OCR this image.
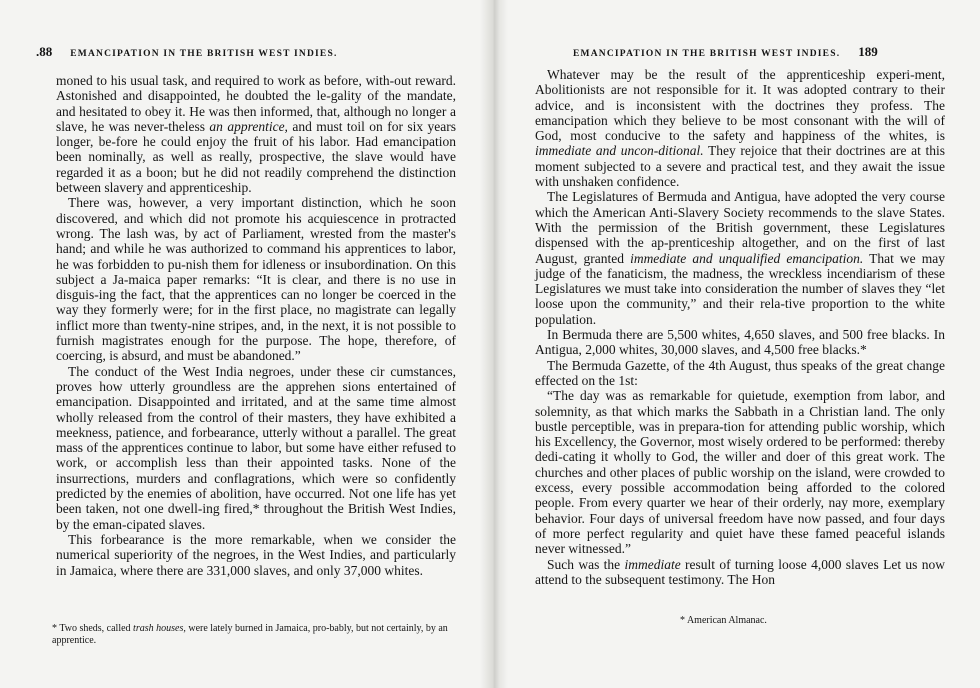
.88 EMANCIPATION IN THE BRITISH WEST INDIES.

moned to his usual task, and required to work as before, with-out reward. Astonished and disappointed, he doubted the le-gality of the mandate, and hesitated to obey it. He was then informed, that, although no longer a slave, he was never-theless an apprentice, and must toil on for six years longer, be-fore he could enjoy the fruit of his labor. Had emancipation been nominally, as well as really, prospective, the slave would have regarded it as a boon; but he did not readily comprehend the distinction between slavery and apprenticeship.

There was, however, a very important distinction, which he soon discovered, and which did not promote his acquiescence in protracted wrong. The lash was, by act of Parliament, wrested from the master's hand; and while he was authorized to command his apprentices to labor, he was forbidden to pu-nish them for idleness or insubordination. On this subject a Ja-maica paper remarks: “It is clear, and there is no use in disguis-ing the fact, that the apprentices can no longer be coerced in the way they formerly were; for in the first place, no magistrate can legally inflict more than twenty-nine stripes, and, in the next, it is not possible to furnish magistrates enough for the purpose. The hope, therefore, of coercing, is absurd, and must be abandoned.”

The conduct of the West India negroes, under these cir cumstances, proves how utterly groundless are the apprehen sions entertained of emancipation. Disappointed and irritated, and at the same time almost wholly released from the control of their masters, they have exhibited a meekness, patience, and forbearance, utterly without a parallel. The great mass of the apprentices continue to labor, but some have either refused to work, or accomplish less than their appointed tasks. None of the insurrections, murders and conflagrations, which were so confidently predicted by the enemies of abolition, have occurred. Not one life has yet been taken, not one dwell-ing fired,* throughout the British West Indies, by the eman-cipated slaves.

This forbearance is the more remarkable, when we consider the numerical superiority of the negroes, in the West Indies, and particularly in Jamaica, where there are 331,000 slaves, and only 37,000 whites.

* Two sheds, called trash houses, were lately burned in Jamaica, pro-bably, but not certainly, by an apprentice.
EMANCIPATION IN THE BRITISH WEST INDIES. 189

Whatever may be the result of the apprenticeship experi-ment, Abolitionists are not responsible for it. It was adopted contrary to their advice, and is inconsistent with the doctrines they profess. The emancipation which they believe to be most consonant with the will of God, most conducive to the safety and happiness of the whites, is immediate and uncon-ditional. They rejoice that their doctrines are at this moment subjected to a severe and practical test, and they await the issue with unshaken confidence.

The Legislatures of Bermuda and Antigua, have adopted the very course which the American Anti-Slavery Society recommends to the slave States. With the permission of the British government, these Legislatures dispensed with the ap-prenticeship altogether, and on the first of last August, granted immediate and unqualified emancipation. That we may judge of the fanaticism, the madness, the wreckless incendiarism of these Legislatures we must take into consideration the number of slaves they “let loose upon the community,” and their rela-tive proportion to the white population.

In Bermuda there are 5,500 whites, 4,650 slaves, and 500 free blacks. In Antigua, 2,000 whites, 30,000 slaves, and 4,500 free blacks.*

The Bermuda Gazette, of the 4th August, thus speaks of the great change effected on the 1st:

“The day was as remarkable for quietude, exemption from labor, and solemnity, as that which marks the Sabbath in a Christian land. The only bustle perceptible, was in prepara-tion for attending public worship, which his Excellency, the Governor, most wisely ordered to be performed: thereby dedi-cating it wholly to God, the willer and doer of this great work. The churches and other places of public worship on the island, were crowded to excess, every possible accommodation being afforded to the colored people. From every quarter we hear of their orderly, nay more, exemplary behavior. Four days of universal freedom have now passed, and four days of more perfect regularity and quiet have these famed peaceful islands never witnessed.”

Such was the immediate result of turning loose 4,000 slaves Let us now attend to the subsequent testimony. The Hon

* American Almanac.
